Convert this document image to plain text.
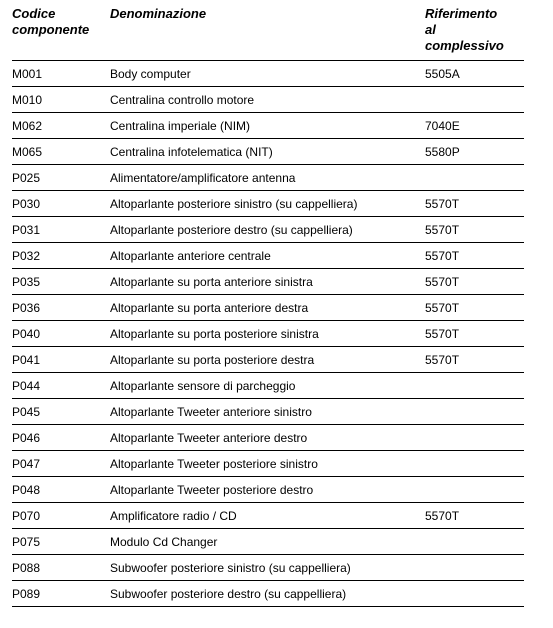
Codice
componente	Denominazione	Riferimento
al
complessivo

M001	Body computer	5505A
M010	Centralina controllo motore	
M062	Centralina imperiale (NIM)	7040E
M065	Centralina infotelematica (NIT)	5580P
P025	Alimentatore/amplificatore antenna	
P030	Altoparlante posteriore sinistro (su cappelliera)	5570T
P031	Altoparlante posteriore destro (su cappelliera)	5570T
P032	Altoparlante anteriore centrale	5570T
P035	Altoparlante su porta anteriore sinistra	5570T
P036	Altoparlante su porta anteriore destra	5570T
P040	Altoparlante su porta posteriore sinistra	5570T
P041	Altoparlante su porta posteriore destra	5570T
P044	Altoparlante sensore di parcheggio	
P045	Altoparlante Tweeter anteriore sinistro	
P046	Altoparlante Tweeter anteriore destro	
P047	Altoparlante Tweeter posteriore sinistro	
P048	Altoparlante Tweeter posteriore destro	
P070	Amplificatore radio / CD	5570T
P075	Modulo Cd Changer	
P088	Subwoofer posteriore sinistro (su cappelliera)	
P089	Subwoofer posteriore destro (su cappelliera)	
